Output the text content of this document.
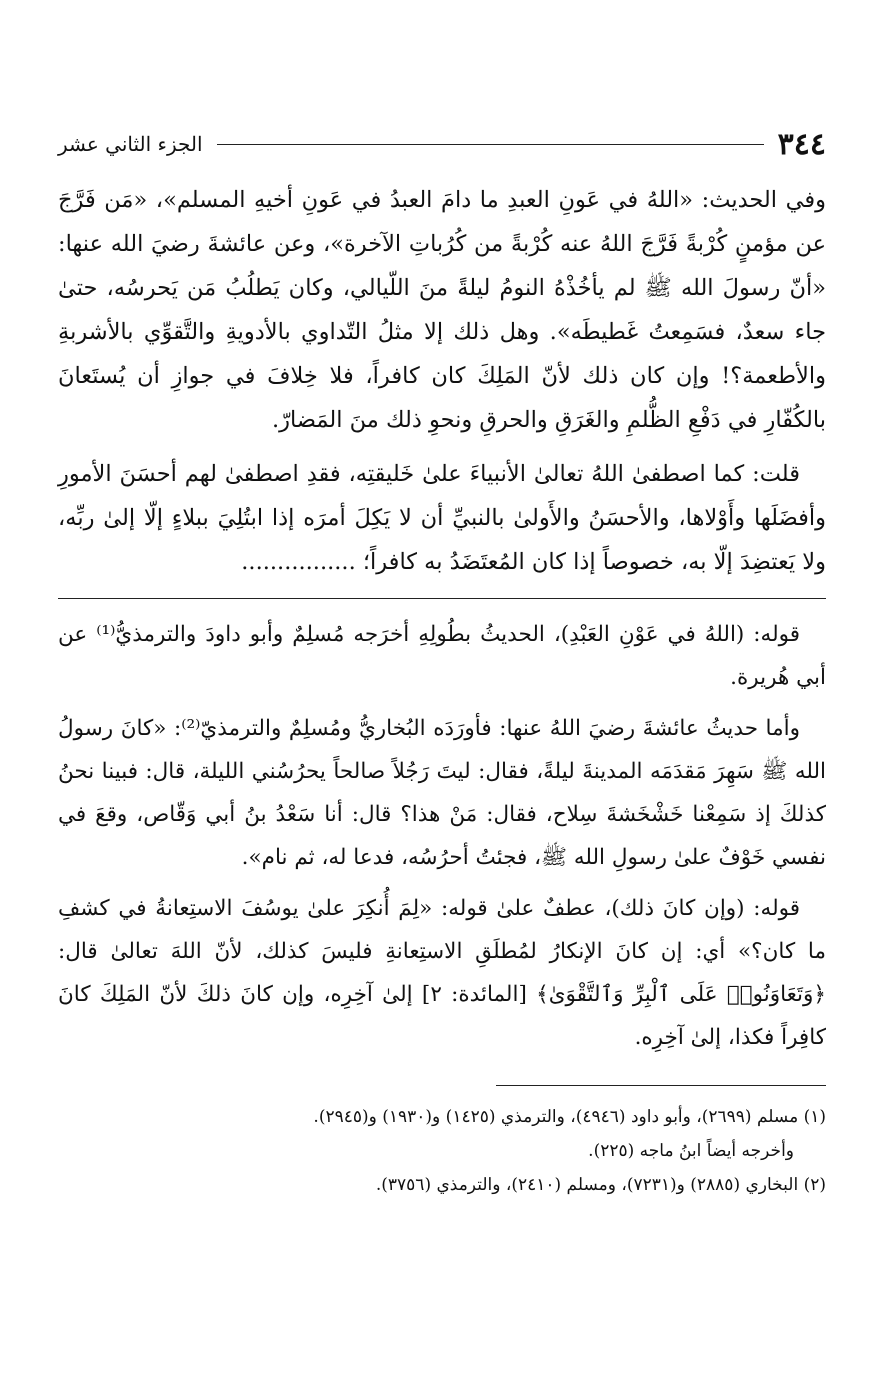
٣٤٤
الجزء الثاني عشر

وفي الحديث: «اللهُ في عَونِ العبدِ ما دامَ العبدُ في عَونِ أخيهِ المسلم»، «مَن فَرَّجَ عن مؤمنٍ كُرْبةً فَرَّجَ اللهُ عنه كُرْبةً من كُرُباتِ الآخرة»، وعن عائشةَ رضيَ الله عنها: «أنّ رسولَ الله ﷺ لم يأخُذْهُ النومُ ليلةً منَ اللّيالي، وكان يَطلُبُ مَن يَحرسُه، حتىٰ جاء سعدٌ، فسَمِعتُ غَطيطَه». وهل ذلك إلا مثلُ التّداوي بالأدويةِ والتَّقوِّي بالأشربةِ والأطعمة؟! وإن كان ذلك لأنّ المَلِكَ كان كافراً، فلا خِلافَ في جوازِ أن يُستَعانَ بالكُفّارِ في دَفْعِ الظُّلمِ والغَرَقِ والحرقِ ونحوِ ذلك منَ المَضارّ.

قلت: كما اصطفىٰ اللهُ تعالىٰ الأنبياءَ علىٰ خَليقتِه، فقدِ اصطفىٰ لهم أحسَنَ الأمورِ وأفضَلَها وأَوْلاها، والأحسَنُ والأَولىٰ بالنبيِّ أن لا يَكِلَ أمرَه إذا ابتُلِيَ ببلاءٍ إلّا إلىٰ ربِّه، ولا يَعتضِدَ إلّا به، خصوصاً إذا كان المُعتَضَدُ به كافراً؛ ................

قوله: (اللهُ في عَوْنِ العَبْدِ)، الحديثُ بطُولِهِ أخرَجه مُسلِمٌ وأبو داودَ والترمذيُّ⁽¹⁾ عن أبي هُريرة.

وأما حديثُ عائشةَ رضيَ اللهُ عنها: فأورَدَه البُخاريُّ ومُسلِمٌ والترمذيّ⁽²⁾: «كانَ رسولُ الله ﷺ سَهِرَ مَقدَمَه المدينةَ ليلةً، فقال: ليتَ رَجُلاً صالحاً يحرُسُني الليلة، قال: فبينا نحنُ كذلكَ إذ سَمِعْنا خَشْخَشةَ سِلاح، فقال: مَنْ هذا؟ قال: أنا سَعْدُ بنُ أبي وَقّاص، وقعَ في نفسي خَوْفٌ علىٰ رسولِ الله ﷺ، فجئتُ أحرُسُه، فدعا له، ثم نام».

قوله: (وإن كانَ ذلك)، عطفٌ علىٰ قوله: «لِمَ أُنكِرَ علىٰ يوسُفَ الاستِعانةُ في كشفِ ما كان؟» أي: إن كانَ الإنكارُ لمُطلَقِ الاستِعانةِ فليسَ كذلك، لأنّ اللهَ تعالىٰ قال: ﴿وَتَعَاوَنُوا۟ عَلَى ٱلْبِرِّ وَٱلتَّقْوَىٰ﴾ [المائدة: ٢] إلىٰ آخِرِه، وإن كانَ ذلكَ لأنّ المَلِكَ كانَ كافِراً فكذا، إلىٰ آخِرِه.

(١) مسلم (٢٦٩٩)، وأبو داود (٤٩٤٦)، والترمذي (١٤٢٥) و(١٩٣٠) و(٢٩٤٥).

وأخرجه أيضاً ابنُ ماجه (٢٢٥).

(٢) البخاري (٢٨٨٥) و(٧٢٣١)، ومسلم (٢٤١٠)، والترمذي (٣٧٥٦).
